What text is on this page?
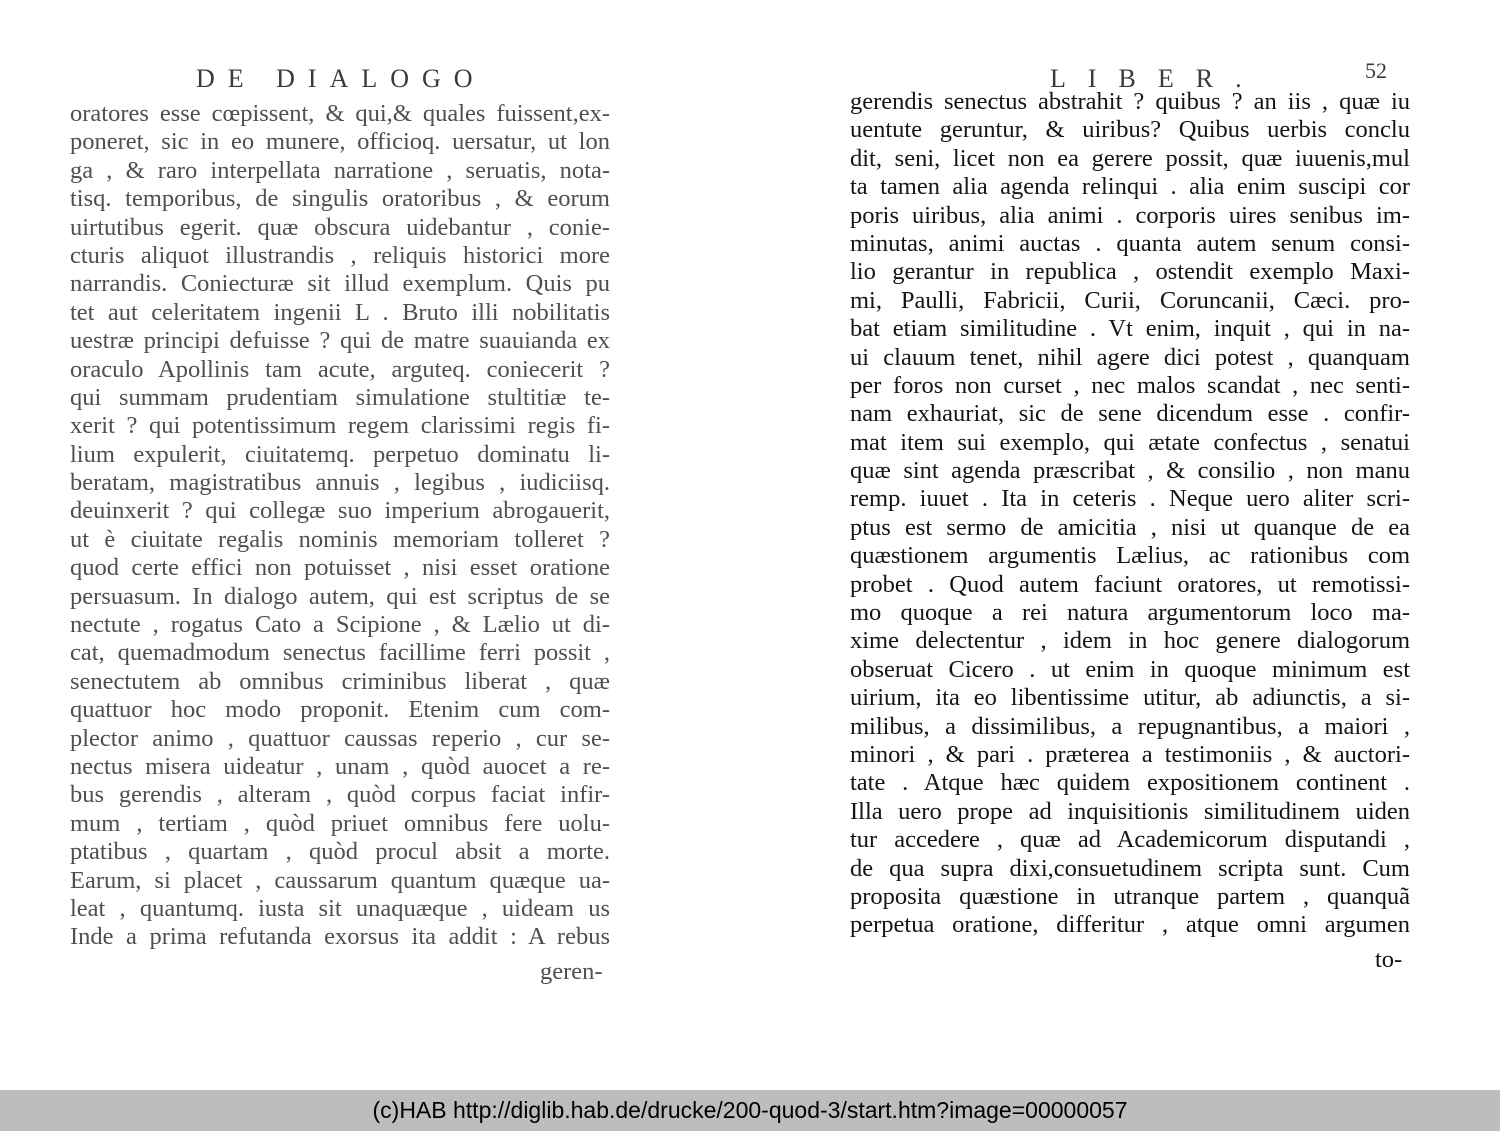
DE DIALOGO
oratores esse cœpissent, & qui,& quales fuissent,ex-
poneret, sic in eo munere, officioq. uersatur, ut lon
ga , & raro interpellata narratione , seruatis, nota-
tisq. temporibus, de singulis oratoribus , & eorum
uirtutibus egerit. quæ obscura uidebantur , conie-
cturis aliquot illustrandis , reliquis historici more
narrandis. Coniecturæ sit illud exemplum. Quis pu
tet aut celeritatem ingenii L . Bruto illi nobilitatis
uestræ principi defuisse ? qui de matre suauianda ex
oraculo Apollinis tam acute, arguteq. coniecerit ?
qui summam prudentiam simulatione stultitiæ te-
xerit ? qui potentissimum regem clarissimi regis fi-
lium expulerit, ciuitatemq. perpetuo dominatu li-
beratam, magistratibus annuis , legibus , iudiciisq.
deuinxerit ? qui collegæ suo imperium abrogauerit,
ut è ciuitate regalis nominis memoriam tolleret ?
quod certe effici non potuisset , nisi esset oratione
persuasum. In dialogo autem, qui est scriptus de se
nectute , rogatus Cato a Scipione , & Lælio ut di-
cat, quemadmodum senectus facillime ferri possit ,
senectutem ab omnibus criminibus liberat , quæ
quattuor hoc modo proponit. Etenim cum com-
plector animo , quattuor caussas reperio , cur se-
nectus misera uideatur , unam , quòd auocet a re-
bus gerendis , alteram , quòd corpus faciat infir-
mum , tertiam , quòd priuet omnibus fere uolu-
ptatibus , quartam , quòd procul absit a morte.
Earum, si placet , caussarum quantum quæque ua-
leat , quantumq. iusta sit unaquæque , uideam us
Inde a prima refutanda exorsus ita addit : A rebus
geren-
LIBER.	52
gerendis senectus abstrahit ? quibus ? an iis , quæ iu
uentute geruntur, & uiribus? Quibus uerbis conclu
dit, seni, licet non ea gerere possit, quæ iuuenis,mul
ta tamen alia agenda relinqui . alia enim suscipi cor
poris uiribus, alia animi . corporis uires senibus im-
minutas, animi auctas . quanta autem senum consi-
lio gerantur in republica , ostendit exemplo Maxi-
mi, Paulli, Fabricii, Curii, Coruncanii, Cæci. pro-
bat etiam similitudine . Vt enim, inquit , qui in na-
ui clauum tenet, nihil agere dici potest , quanquam
per foros non curset , nec malos scandat , nec senti-
nam exhauriat, sic de sene dicendum esse . confir-
mat item sui exemplo, qui ætate confectus , senatui
quæ sint agenda præscribat , & consilio , non manu
remp. iuuet . Ita in ceteris . Neque uero aliter scri-
ptus est sermo de amicitia , nisi ut quanque de ea
quæstionem argumentis Lælius, ac rationibus com
probet . Quod autem faciunt oratores, ut remotissi-
mo quoque a rei natura argumentorum loco ma-
xime delectentur , idem in hoc genere dialogorum
obseruat Cicero . ut enim in quoque minimum est
uirium, ita eo libentissime utitur, ab adiunctis, a si-
milibus, a dissimilibus, a repugnantibus, a maiori ,
minori , & pari . præterea a testimoniis , & auctori-
tate . Atque hæc quidem expositionem continent .
Illa uero prope ad inquisitionis similitudinem uiden
tur accedere , quæ ad Academicorum disputandi ,
de qua supra dixi,consuetudinem scripta sunt. Cum
proposita quæstione in utranque partem , quanquã
perpetua oratione, differitur , atque omni argumen
to-
(c)HAB http://diglib.hab.de/drucke/200-quod-3/start.htm?image=00000057
